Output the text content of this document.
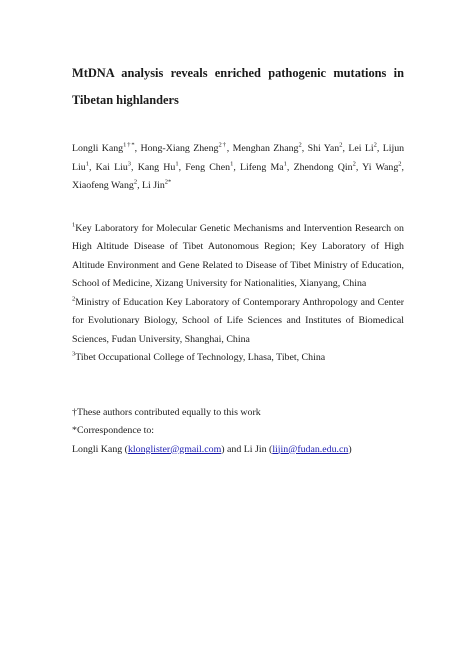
MtDNA analysis reveals enriched pathogenic mutations in Tibetan highlanders
Longli Kang$^{1\dagger*}$, Hong-Xiang Zheng$^{2\dagger}$, Menghan Zhang$^2$, Shi Yan$^2$, Lei Li$^2$, Lijun Liu$^1$, Kai Liu$^3$, Kang Hu$^1$, Feng Chen$^1$, Lifeng Ma$^1$, Zhendong Qin$^2$, Yi Wang$^2$, Xiaofeng Wang$^2$, Li Jin$^{2*}$

$^1$Key Laboratory for Molecular Genetic Mechanisms and Intervention Research on High Altitude Disease of Tibet Autonomous Region; Key Laboratory of High Altitude Environment and Gene Related to Disease of Tibet Ministry of Education, School of Medicine, Xizang University for Nationalities, Xianyang, China

$^2$Ministry of Education Key Laboratory of Contemporary Anthropology and Center for Evolutionary Biology, School of Life Sciences and Institutes of Biomedical Sciences, Fudan University, Shanghai, China

$^3$Tibet Occupational College of Technology, Lhasa, Tibet, China

†These authors contributed equally to this work

*Correspondence to:

Longli Kang (klonglister@gmail.com) and Li Jin (lijin@fudan.edu.cn)
